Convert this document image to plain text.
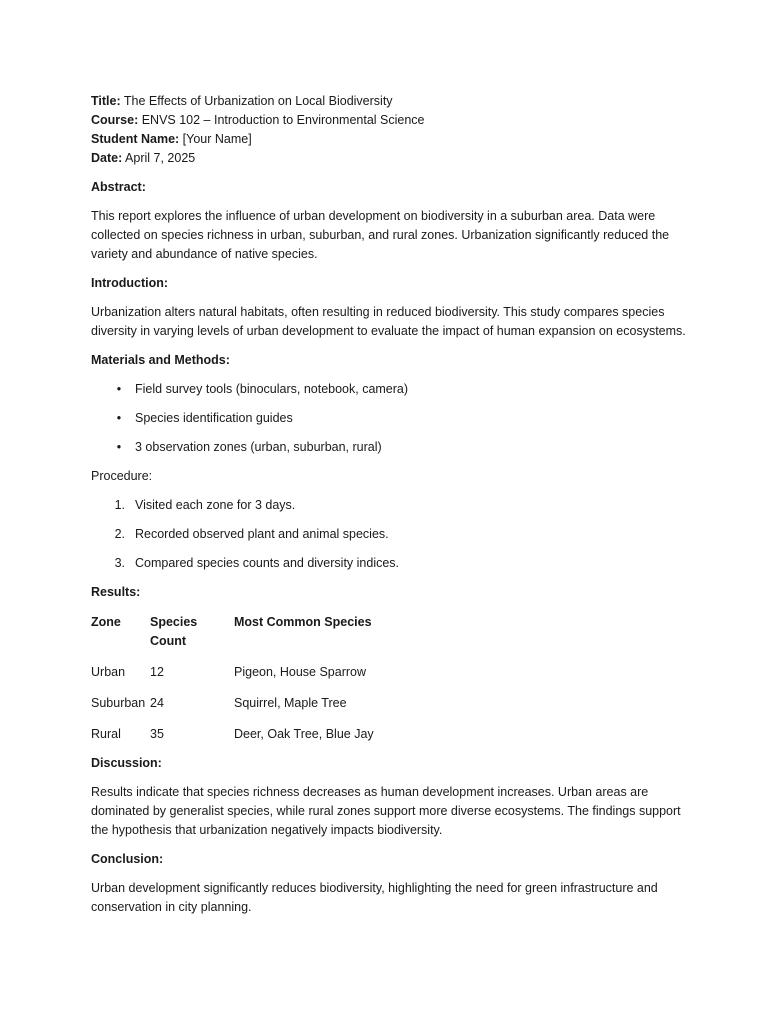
Title: The Effects of Urbanization on Local Biodiversity

Course: ENVS 102 – Introduction to Environmental Science

Student Name: [Your Name]

Date: April 7, 2025

Abstract:

This report explores the influence of urban development on biodiversity in a suburban area. Data were collected on species richness in urban, suburban, and rural zones. Urbanization significantly reduced the variety and abundance of native species.

Introduction:

Urbanization alters natural habitats, often resulting in reduced biodiversity. This study compares species diversity in varying levels of urban development to evaluate the impact of human expansion on ecosystems.

Materials and Methods:

•	Field survey tools (binoculars, notebook, camera)
•	Species identification guides
•	3 observation zones (urban, suburban, rural)

Procedure:

1. Visited each zone for 3 days.
2. Recorded observed plant and animal species.
3. Compared species counts and diversity indices.

Results:

Zone	Species Count	Most Common Species
Urban	12	Pigeon, House Sparrow
Suburban	24	Squirrel, Maple Tree
Rural	35	Deer, Oak Tree, Blue Jay

Discussion:

Results indicate that species richness decreases as human development increases. Urban areas are dominated by generalist species, while rural zones support more diverse ecosystems. The findings support the hypothesis that urbanization negatively impacts biodiversity.

Conclusion:

Urban development significantly reduces biodiversity, highlighting the need for green infrastructure and conservation in city planning.
